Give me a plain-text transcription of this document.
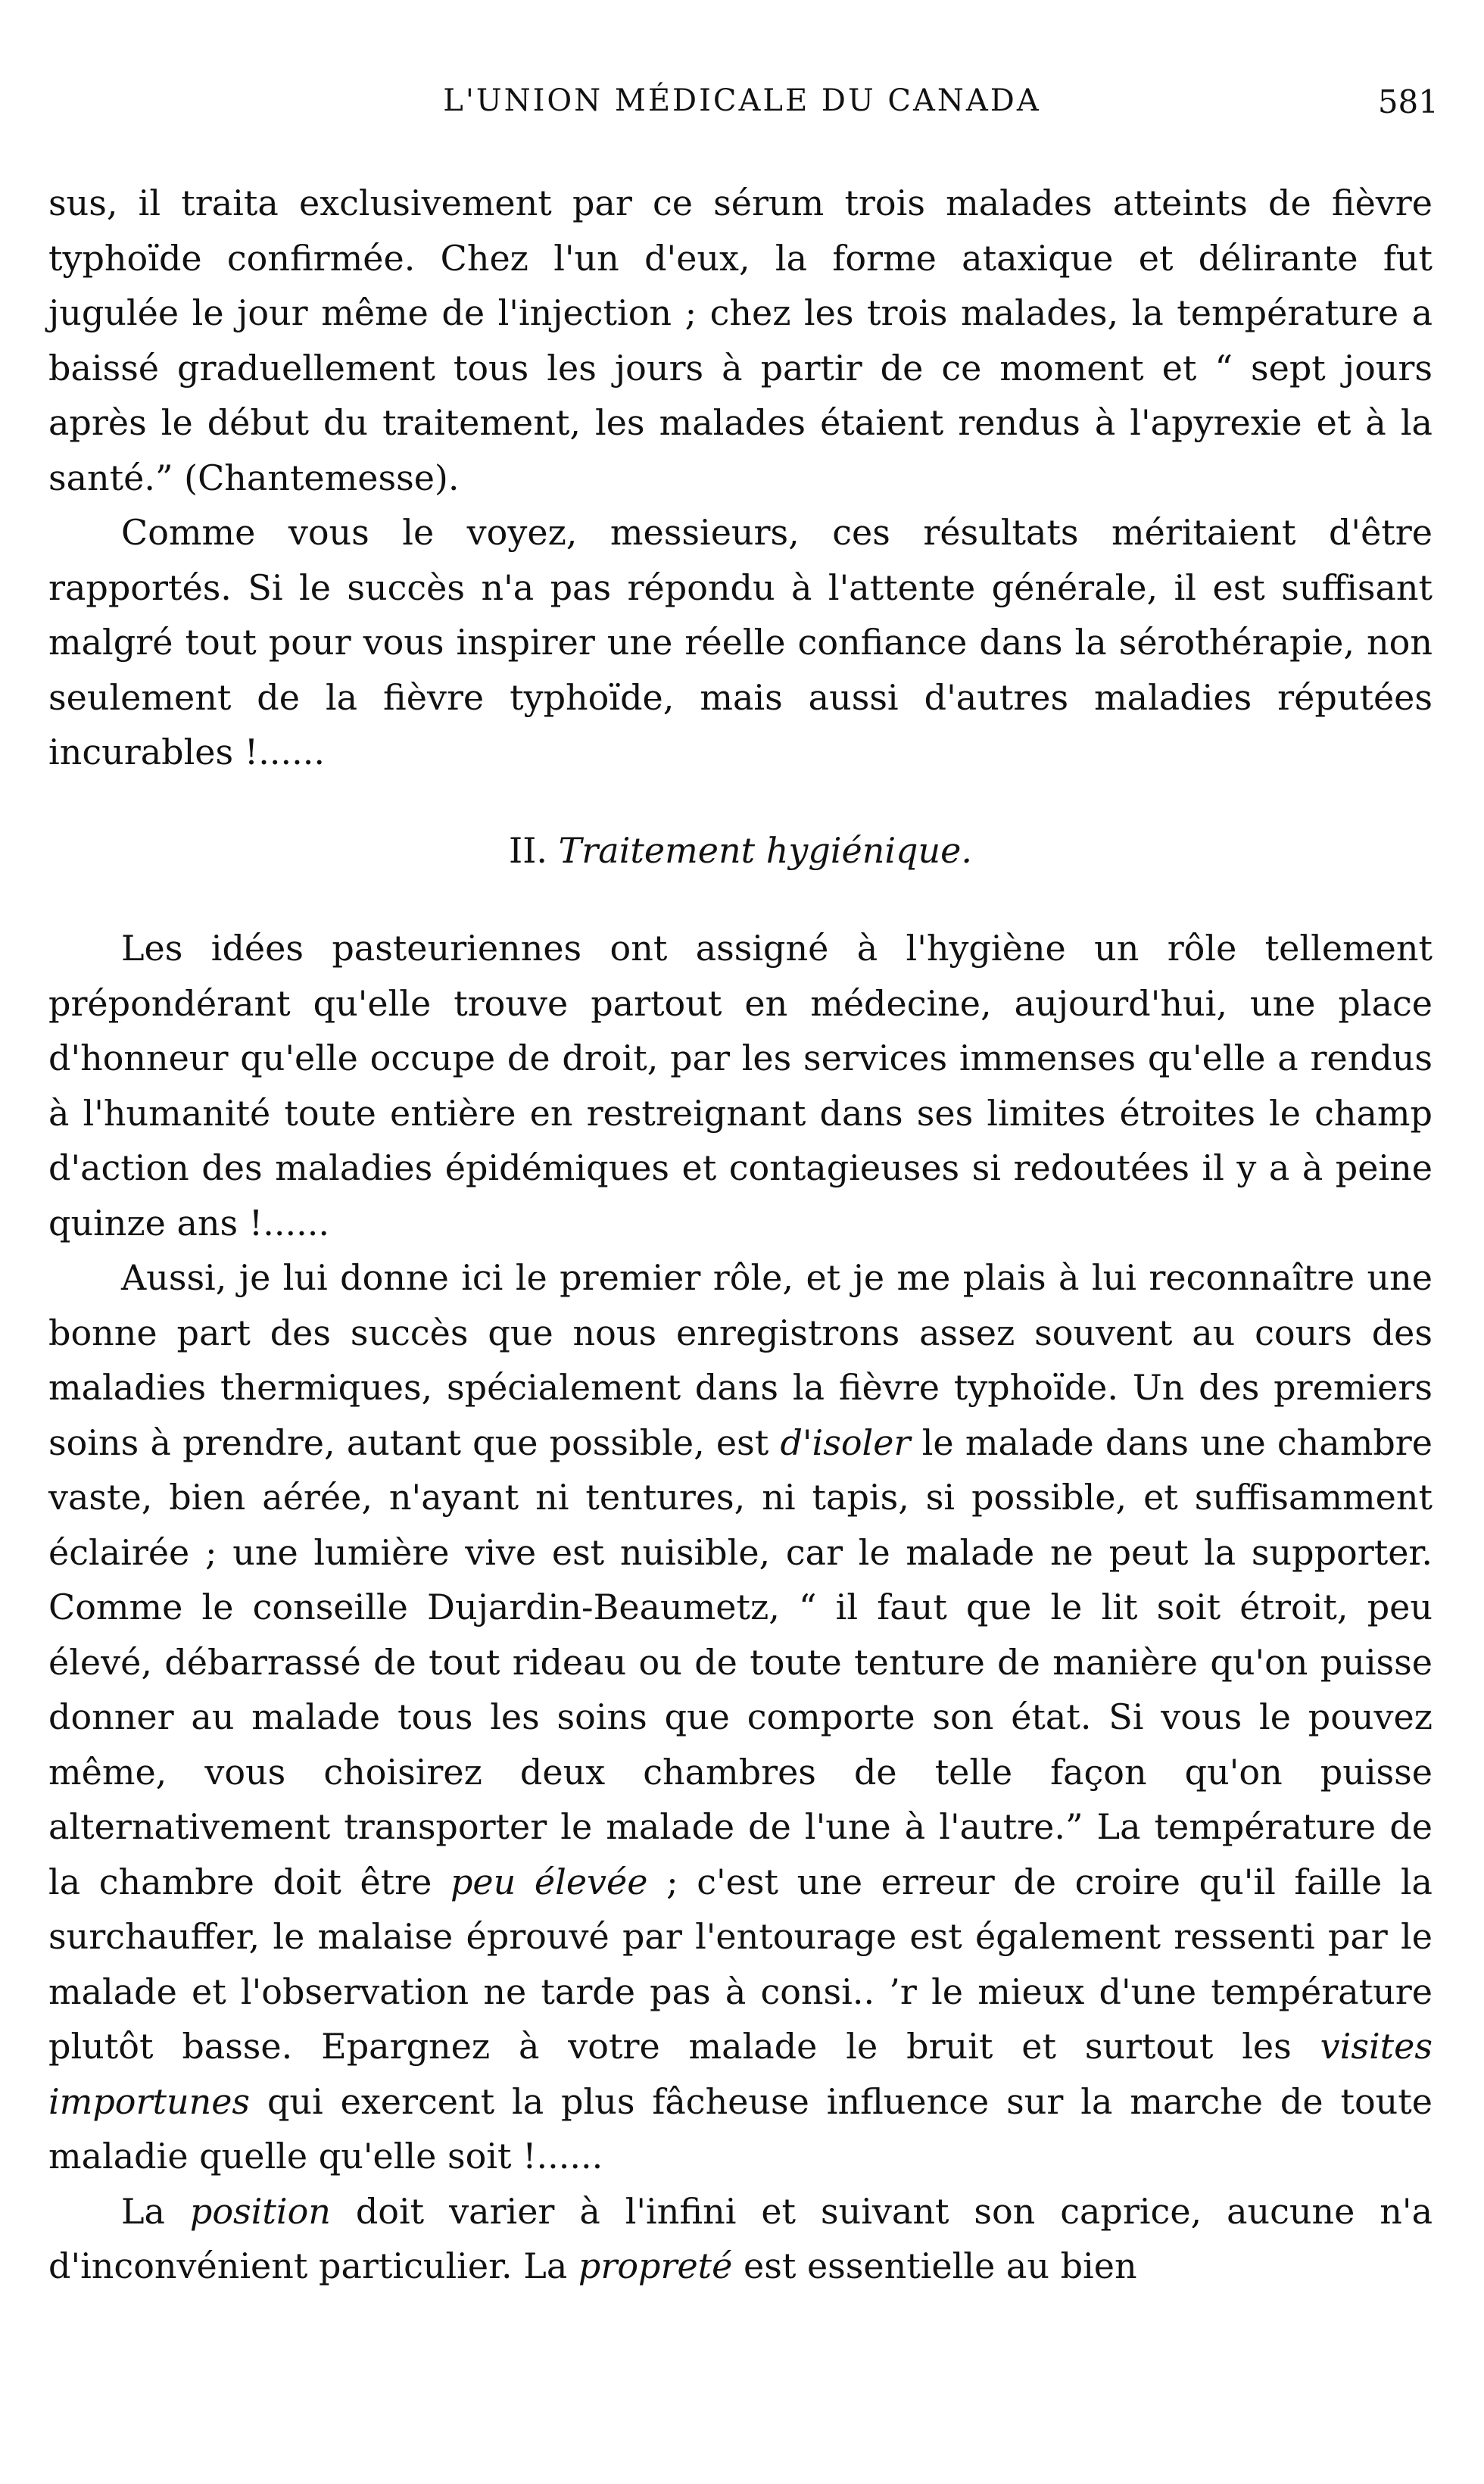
L'UNION MÉDICALE DU CANADA	581

sus, il traita exclusivement par ce sérum trois malades atteints de fièvre typhoïde confirmée. Chez l'un d'eux, la forme ataxique et délirante fut jugulée le jour même de l'injection ; chez les trois malades, la température a baissé graduellement tous les jours à partir de ce moment et “ sept jours après le début du traitement, les malades étaient rendus à l'apyrexie et à la santé.” (Chantemesse).

Comme vous le voyez, messieurs, ces résultats méritaient d'être rapportés. Si le succès n'a pas répondu à l'attente générale, il est suffisant malgré tout pour vous inspirer une réelle confiance dans la sérothérapie, non seulement de la fièvre typhoïde, mais aussi d'autres maladies réputées incurables !......

II. Traitement hygiénique.

Les idées pasteuriennes ont assigné à l'hygiène un rôle tellement prépondérant qu'elle trouve partout en médecine, aujourd'hui, une place d'honneur qu'elle occupe de droit, par les services immenses qu'elle a rendus à l'humanité toute entière en restreignant dans ses limites étroites le champ d'action des maladies épidémiques et contagieuses si redoutées il y a à peine quinze ans !......

Aussi, je lui donne ici le premier rôle, et je me plais à lui reconnaître une bonne part des succès que nous enregistrons assez souvent au cours des maladies thermiques, spécialement dans la fièvre typhoïde. Un des premiers soins à prendre, autant que possible, est d'isoler le malade dans une chambre vaste, bien aérée, n'ayant ni tentures, ni tapis, si possible, et suffisamment éclairée ; une lumière vive est nuisible, car le malade ne peut la supporter. Comme le conseille Dujardin-Beaumetz, “ il faut que le lit soit étroit, peu élevé, débarrassé de tout rideau ou de toute tenture de manière qu'on puisse donner au malade tous les soins que comporte son état. Si vous le pouvez même, vous choisirez deux chambres de telle façon qu'on puisse alternativement transporter le malade de l'une à l'autre.” La température de la chambre doit être peu élevée ; c'est une erreur de croire qu'il faille la surchauffer, le malaise éprouvé par l'entourage est également ressenti par le malade et l'observation ne tarde pas à consi.. ’r le mieux d'une température plutôt basse. Epargnez à votre malade le bruit et surtout les visites importunes qui exercent la plus fâcheuse influence sur la marche de toute maladie quelle qu'elle soit !......

La position doit varier à l'infini et suivant son caprice, aucune n'a d'inconvénient particulier. La propreté est essentielle au bien
